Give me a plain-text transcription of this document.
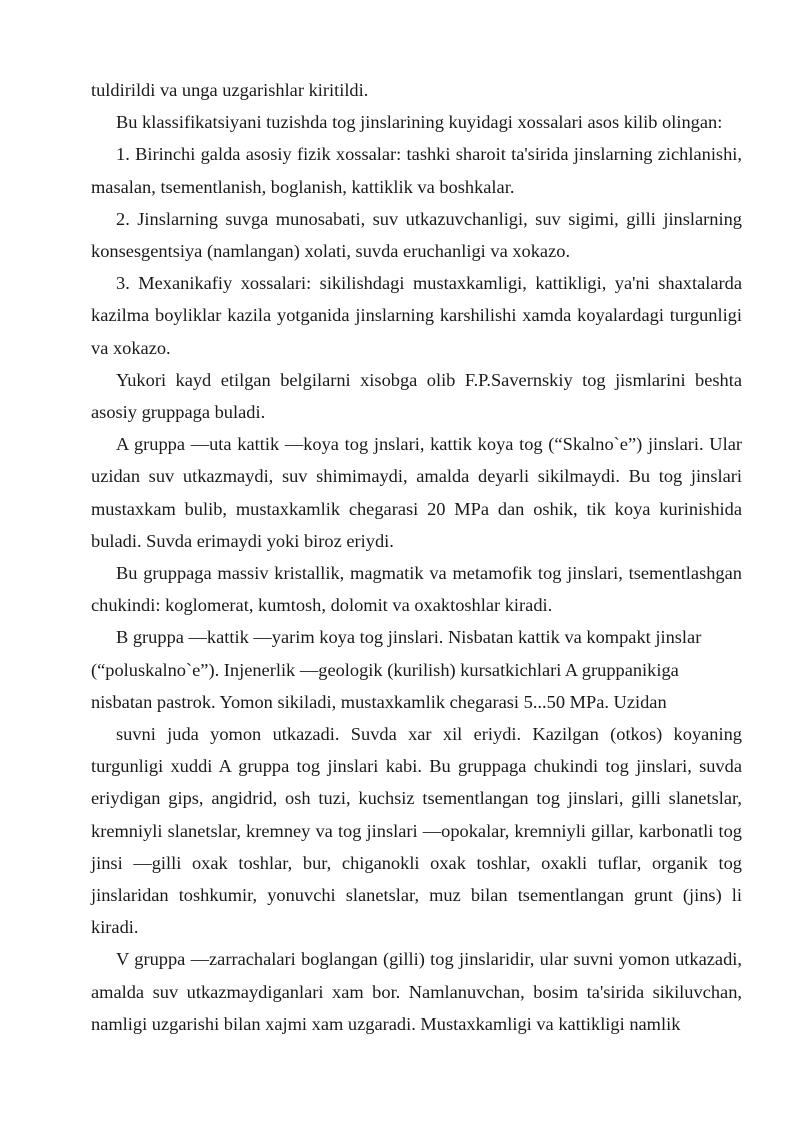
tuldirildi va unga uzgarishlar kiritildi.

Bu klassifikatsiyani tuzishda tog jinslarining kuyidagi xossalari asos kilib olingan:

1. Birinchi galda asosiy fizik xossalar: tashki sharoit ta'sirida jinslarning zichlanishi, masalan, tsementlanish, boglanish, kattiklik va boshkalar.

2. Jinslarning suvga munosabati, suv utkazuvchanligi, suv sigimi, gilli jinslarning konsesgentsiya (namlangan) xolati, suvda eruchanligi va xokazo.

3. Mexanikafiy xossalari: sikilishdagi mustaxkamligi, kattikligi, ya'ni shaxtalarda kazilma boyliklar kazila yotganida jinslarning karshilishi xamda koyalardagi turgunligi va xokazo.

Yukori kayd etilgan belgilarni xisobga olib F.P.Savernskiy tog jismlarini beshta asosiy gruppaga buladi.

A gruppa —uta kattik —koya tog jnslari, kattik koya tog (“Skalno`e”) jinslari. Ular uzidan suv utkazmaydi, suv shimimaydi, amalda deyarli sikilmaydi. Bu tog jinslari mustaxkam bulib, mustaxkamlik chegarasi 20 MPa dan oshik, tik koya kurinishida buladi. Suvda erimaydi yoki biroz eriydi.

Bu gruppaga massiv kristallik, magmatik va metamofik tog jinslari, tsementlashgan chukindi: koglomerat, kumtosh, dolomit va oxaktoshlar kiradi.

B gruppa —kattik —yarim koya tog jinslari. Nisbatan kattik va kompakt jinslar (“poluskalno`e”). Injenerlik —geologik (kurilish) kursatkichlari A gruppanikiga nisbatan pastrok. Yomon sikiladi, mustaxkamlik chegarasi 5...50 MPa. Uzidan

suvni juda yomon utkazadi. Suvda xar xil eriydi. Kazilgan (otkos) koyaning turgunligi xuddi A gruppa tog jinslari kabi. Bu gruppaga chukindi tog jinslari, suvda eriydigan gips, angidrid, osh tuzi, kuchsiz tsementlangan tog jinslari, gilli slanetslar, kremniyli slanetslar, kremney va tog jinslari —opokalar, kremniyli gillar, karbonatli tog jinsi —gilli oxak toshlar, bur, chiganokli oxak toshlar, oxakli tuflar, organik tog jinslaridan toshkumir, yonuvchi slanetslar, muz bilan tsementlangan grunt (jins) li kiradi.

V gruppa —zarrachalari boglangan (gilli) tog jinslaridir, ular suvni yomon utkazadi, amalda suv utkazmaydiganlari xam bor. Namlanuvchan, bosim ta'sirida sikiluvchan, namligi uzgarishi bilan xajmi xam uzgaradi. Mustaxkamligi va kattikligi namlik
